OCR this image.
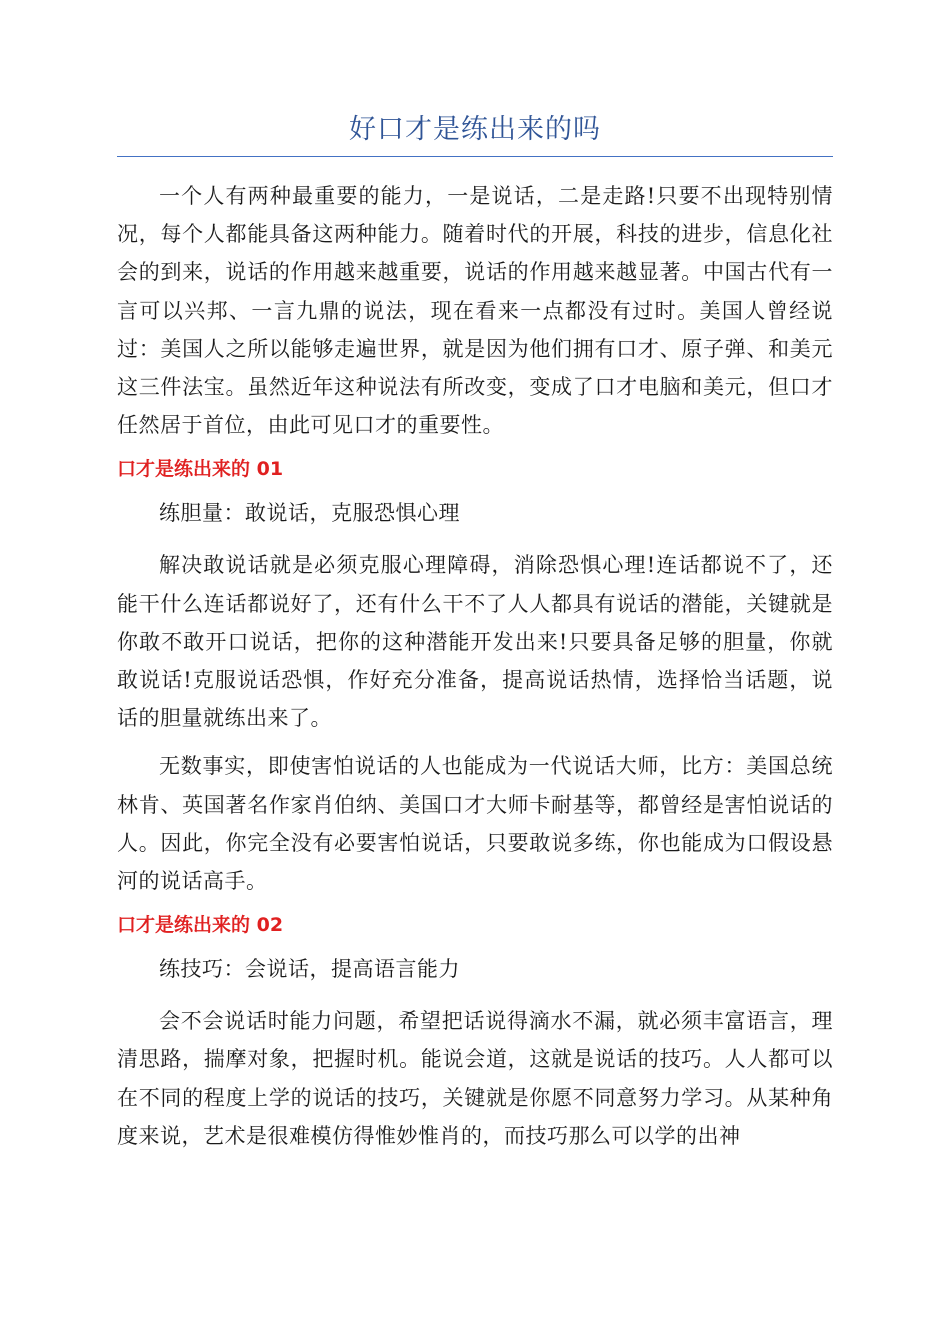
好口才是练出来的吗

一个人有两种最重要的能力，一是说话，二是走路!只要不出现特别情况，每个人都能具备这两种能力。随着时代的开展，科技的进步，信息化社会的到来，说话的作用越来越重要，说话的作用越来越显著。中国古代有一言可以兴邦、一言九鼎的说法，现在看来一点都没有过时。美国人曾经说过：美国人之所以能够走遍世界，就是因为他们拥有口才、原子弹、和美元这三件法宝。虽然近年这种说法有所改变，变成了口才电脑和美元，但口才任然居于首位，由此可见口才的重要性。

口才是练出来的 01

练胆量：敢说话，克服恐惧心理

解决敢说话就是必须克服心理障碍，消除恐惧心理!连话都说不了，还能干什么连话都说好了，还有什么干不了人人都具有说话的潜能，关键就是你敢不敢开口说话，把你的这种潜能开发出来!只要具备足够的胆量，你就敢说话!克服说话恐惧，作好充分准备，提高说话热情，选择恰当话题，说话的胆量就练出来了。

无数事实，即使害怕说话的人也能成为一代说话大师，比方：美国总统林肯、英国著名作家肖伯纳、美国口才大师卡耐基等，都曾经是害怕说话的人。因此，你完全没有必要害怕说话，只要敢说多练，你也能成为口假设悬河的说话高手。

口才是练出来的 02

练技巧：会说话，提高语言能力

会不会说话时能力问题，希望把话说得滴水不漏，就必须丰富语言，理清思路，揣摩对象，把握时机。能说会道，这就是说话的技巧。人人都可以在不同的程度上学的说话的技巧，关键就是你愿不同意努力学习。从某种角度来说，艺术是很难模仿得惟妙惟肖的，而技巧那么可以学的出神
